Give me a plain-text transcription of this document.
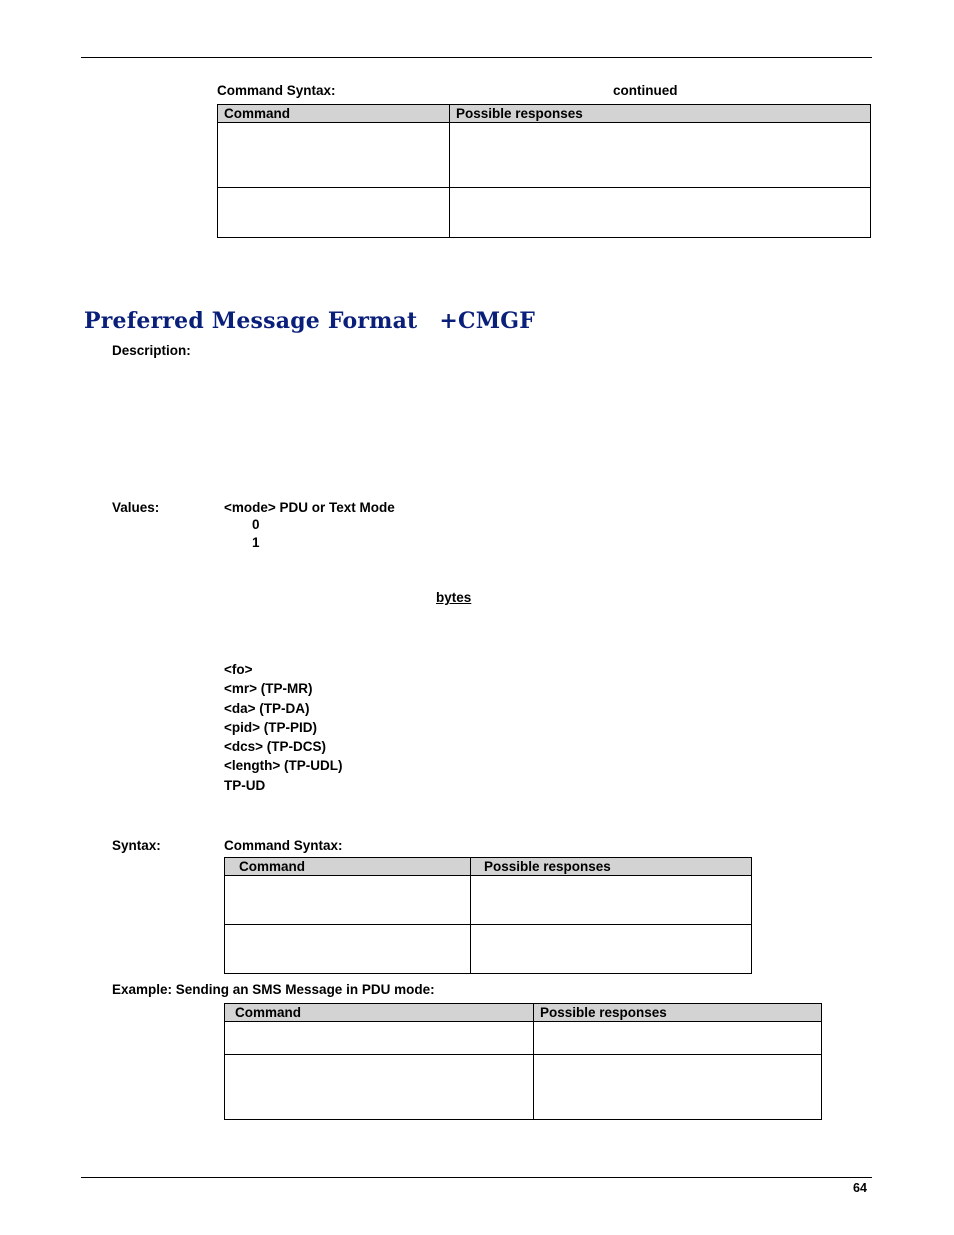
Command Syntax:	continued
Command	Possible responses

Preferred Message Format +CMGF
Description:
Values:	<mode> PDU or Text Mode
0
1
bytes
<fo>
<mr> (TP-MR)
<da> (TP-DA)
<pid> (TP-PID)
<dcs> (TP-DCS)
<length> (TP-UDL)
TP-UD
Syntax:	Command Syntax:
Command	Possible responses

Example: Sending an SMS Message in PDU mode:
Command	Possible responses

64
